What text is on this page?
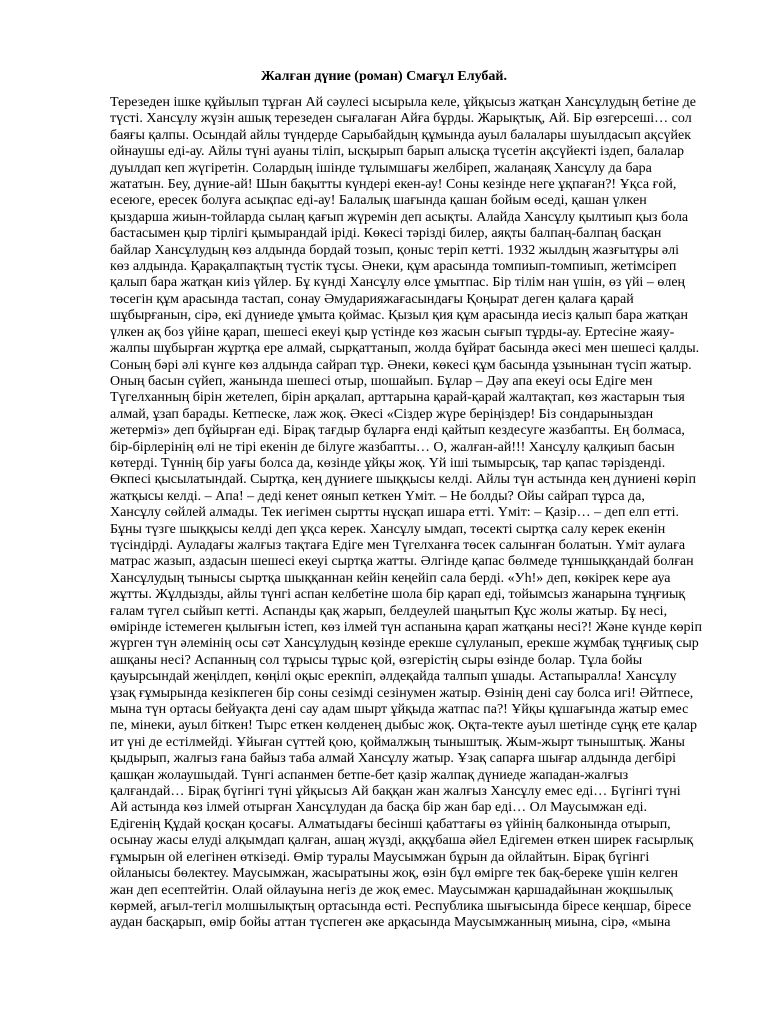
Жалған дүние (роман) Смағұл Елубай.
Терезеден ішке құйылып тұрған Ай сәулесі ысырыла келе, ұйқысыз жатқан Хансұлудың бетіне де
түсті. Хансұлу жүзін ашық терезеден сығалаған Айға бұрды. Жарықтық, Ай. Бір өзгерсеші… сол
баяғы қалпы. Осындай айлы түндерде Сарыбайдың құмында ауыл балалары шуылдасып ақсүйек
ойнаушы еді-ау. Айлы түні ауаны тіліп, ысқырып барып алысқа түсетін ақсүйекті іздеп, балалар
дуылдап кеп жүгіретін. Солардың ішінде тұлымшағы желбіреп, жалаңаяқ Хансұлу да бара
жататын. Беу, дүние-ай! Шын бақытты күндері екен-ау! Соны кезінде неге ұқпаған?! Ұқса ғой,
есеюге, ересек болуға асықпас еді-ау! Балалық шағында қашан бойым өседі, қашан үлкен
қыздарша жиын-тойларда сылаң қағып жүремін деп асықты. Алайда Хансұлу қылтиып қыз бола
бастасымен қыр тірлігі қымырандай іріді. Көкесі тәрізді билер, аяқты балпаң-балпаң басқан
байлар Хансұлудың көз алдында бордай тозып, қоныс теріп кетті. 1932 жылдың жазғытұры әлі
көз алдында. Қарақалпақтың түстік тұсы. Әнеки, құм арасында томпиып-томпиып, жетімсіреп
қалып бара жатқан киіз үйлер. Бұ күнді Хансұлу өлсе ұмытпас. Бір тілім нан үшін, өз үйі – өлең
төсегін құм арасында тастап, сонау Әмударияжағасындағы Қоңырат деген қалаға қарай
шұбырғанын, сірә, екі дүниеде ұмыта қоймас. Қызыл қия құм арасында иесіз қалып бара жатқан
үлкен ақ боз үйіне қарап, шешесі екеуі қыр үстінде көз жасын сығып тұрды-ау. Ертесіне жаяу-
жалпы шұбырған жұртқа ере алмай, сырқаттанып, жолда бұйрат басында әкесі мен шешесі қалды.
Соның бәрі әлі күнге көз алдында сайрап тұр. Әнеки, көкесі құм басында ұзынынан түсіп жатыр.
Оның басын сүйеп, жанында шешесі отыр, шошайып. Бұлар – Дәу апа екеуі осы Едіге мен
Түгелханның бірін жетелеп, бірін арқалап, арттарына қарай-қарай жалтақтап, көз жастарын тыя
алмай, ұзап барады. Кетпеске, лаж жоқ. Әкесі «Сіздер жүре беріңіздер! Біз сондарыныздан
жетерміз» деп бұйырған еді. Бірақ тағдыр бұларға енді қайтып кездесуге жазбапты. Ең болмаса,
бір-бірлерінің өлі не тірі екенін де білуге жазбапты… О, жалған-ай!!! Хансұлу қалқиып басын
көтерді. Түннің бір уағы болса да, көзінде ұйқы жоқ. Үй іші тымырсық, тар қапас тәрізденді.
Өкпесі қысылатындай. Сыртқа, кең дүниеге шыққысы келді. Айлы түн астында кең дүниені көріп
жатқысы келді. – Апа! – деді кенет оянып кеткен Үміт. – Не болды? Ойы сайрап тұрса да,
Хансұлу сөйлей алмады. Тек иегімен сыртты нұсқап ишара етті. Үміт: – Қазір… – деп елп етті.
Бұны түзге шыққысы келді деп ұқса керек. Хансұлу ымдап, төсекті сыртқа салу керек екенін
түсіндірді. Ауладағы жалғыз тақтаға Едіге мен Түгелханға төсек салынған болатын. Үміт аулаға
матрас жазып, аздасын шешесі екеуі сыртқа жатты. Әлгінде қапас бөлмеде тұншыққандай болған
Хансұлудың тынысы сыртқа шыққаннан кейін кеңейіп сала берді. «Уһ!» деп, көкірек кере ауа
жұтты. Жұлдызды, айлы түнгі аспан келбетіне шола бір қарап еді, тойымсыз жанарына тұңғиық
ғалам түгел сыйып кетті. Аспанды қақ жарып, белдеулей шаңытып Құс жолы жатыр. Бұ несі,
өмірінде істемеген қылығын істеп, көз ілмей түн аспанына қарап жатқаны несі?! Және күнде көріп
жүрген түн әлемінің осы сәт Хансұлудың көзінде ерекше сұлуланып, ерекше жұмбақ тұңғиық сыр
ашқаны несі? Аспанның сол тұрысы тұрыс қой, өзгерістің сыры өзінде болар. Тұла бойы
қауырсындай жеңілдеп, көңілі оқыс ерекпіп, әлдеқайда талпып ұшады. Астапыралла! Хансұлу
ұзақ ғұмырында кезікпеген бір соны сезімді сезінумен жатыр. Өзінің дені сау болса игі! Әйтпесе,
мына түн ортасы бейуақта дені сау адам шырт ұйқыда жатпас па?! Ұйқы құшағында жатыр емес
пе, мінеки, ауыл біткен! Тырс еткен көлденең дыбыс жоқ. Оқта-текте ауыл шетінде сұңқ ете қалар
ит үні де естілмейді. Ұйыған сүттей қою, қоймалжың тыныштық. Жым-жырт тыныштық. Жаны
қыдырып, жалғыз ғана байыз таба алмай Хансұлу жатыр. Ұзақ сапарға шығар алдында дегбірі
қашқан жолаушыдай. Түнгі аспанмен бетпе-бет қазір жалпақ дүниеде жападан-жалғыз
қалғандай… Бірақ бүгінгі түні ұйқысыз Ай баққан жан жалғыз Хансұлу емес еді… Бүгінгі түні
Ай астында көз ілмей отырған Хансұлудан да басқа бір жан бар еді… Ол Маусымжан еді.
Едігенің Құдай қосқан қосағы. Алматыдағы бесінші қабаттағы өз үйінің балконында отырып,
осынау жасы елуді алқымдап қалған, ашаң жүзді, аққұбаша әйел Едігемен өткен ширек ғасырлық
ғұмырын ой елегінен өткізеді. Өмір туралы Маусымжан бұрын да ойлайтын. Бірақ бүгінгі
ойланысы бөлектеу. Маусымжан, жасыратыны жоқ, өзін бұл өмірге тек бақ-береке үшін келген
жан деп есептейтін. Олай ойлауына негіз де жоқ емес. Маусымжан қаршадайынан жоқшылық
көрмей, ағыл-тегіл молшылықтың ортасында өсті. Республика шығысында біресе кеңшар, біресе
аудан басқарып, өмір бойы аттан түспеген әке арқасында Маусымжанның миына, сірә, «мына
